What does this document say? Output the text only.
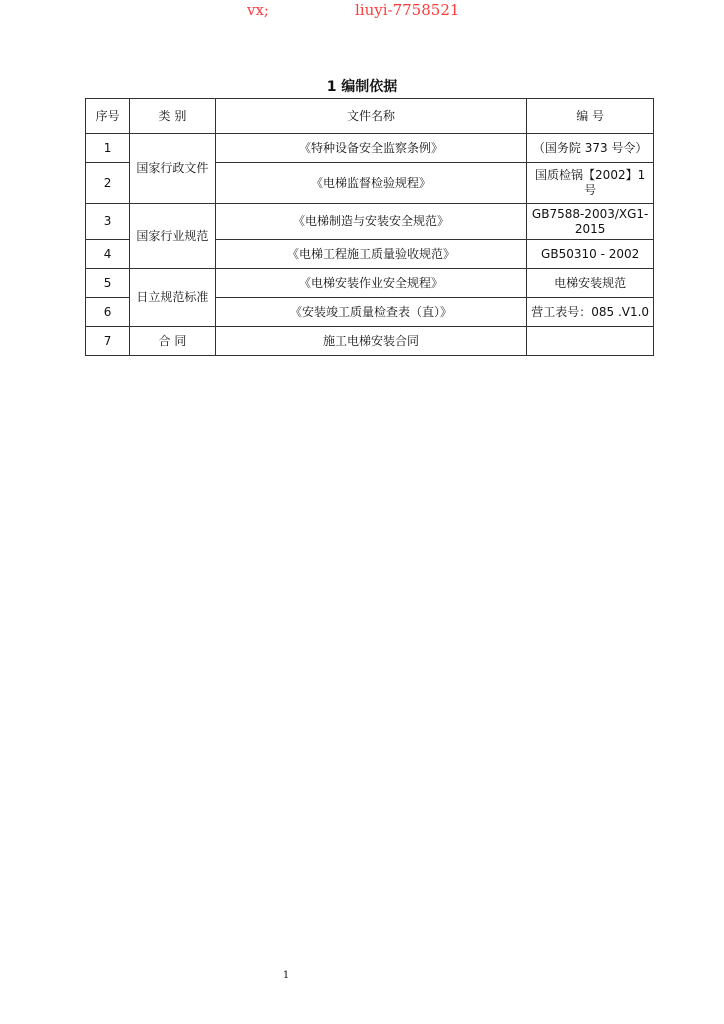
vx;	liuyi-7758521
1 编制依据
序号	类 别	文件名称	编 号
1	国家行政文件	《特种设备安全监察条例》	（国务院 373 号令）
2		《电梯监督检验规程》	国质检锅【2002】1 号
3	国家行业规范	《电梯制造与安装安全规范》	GB7588-2003/XG1-2015
4		《电梯工程施工质量验收规范》	GB50310 - 2002
5	日立规范标准	《电梯安装作业安全规程》	电梯安装规范
6		《安装竣工质量检查表（直）》	营工表号：085 .V1.0
7	合 同	施工电梯安装合同	
1
